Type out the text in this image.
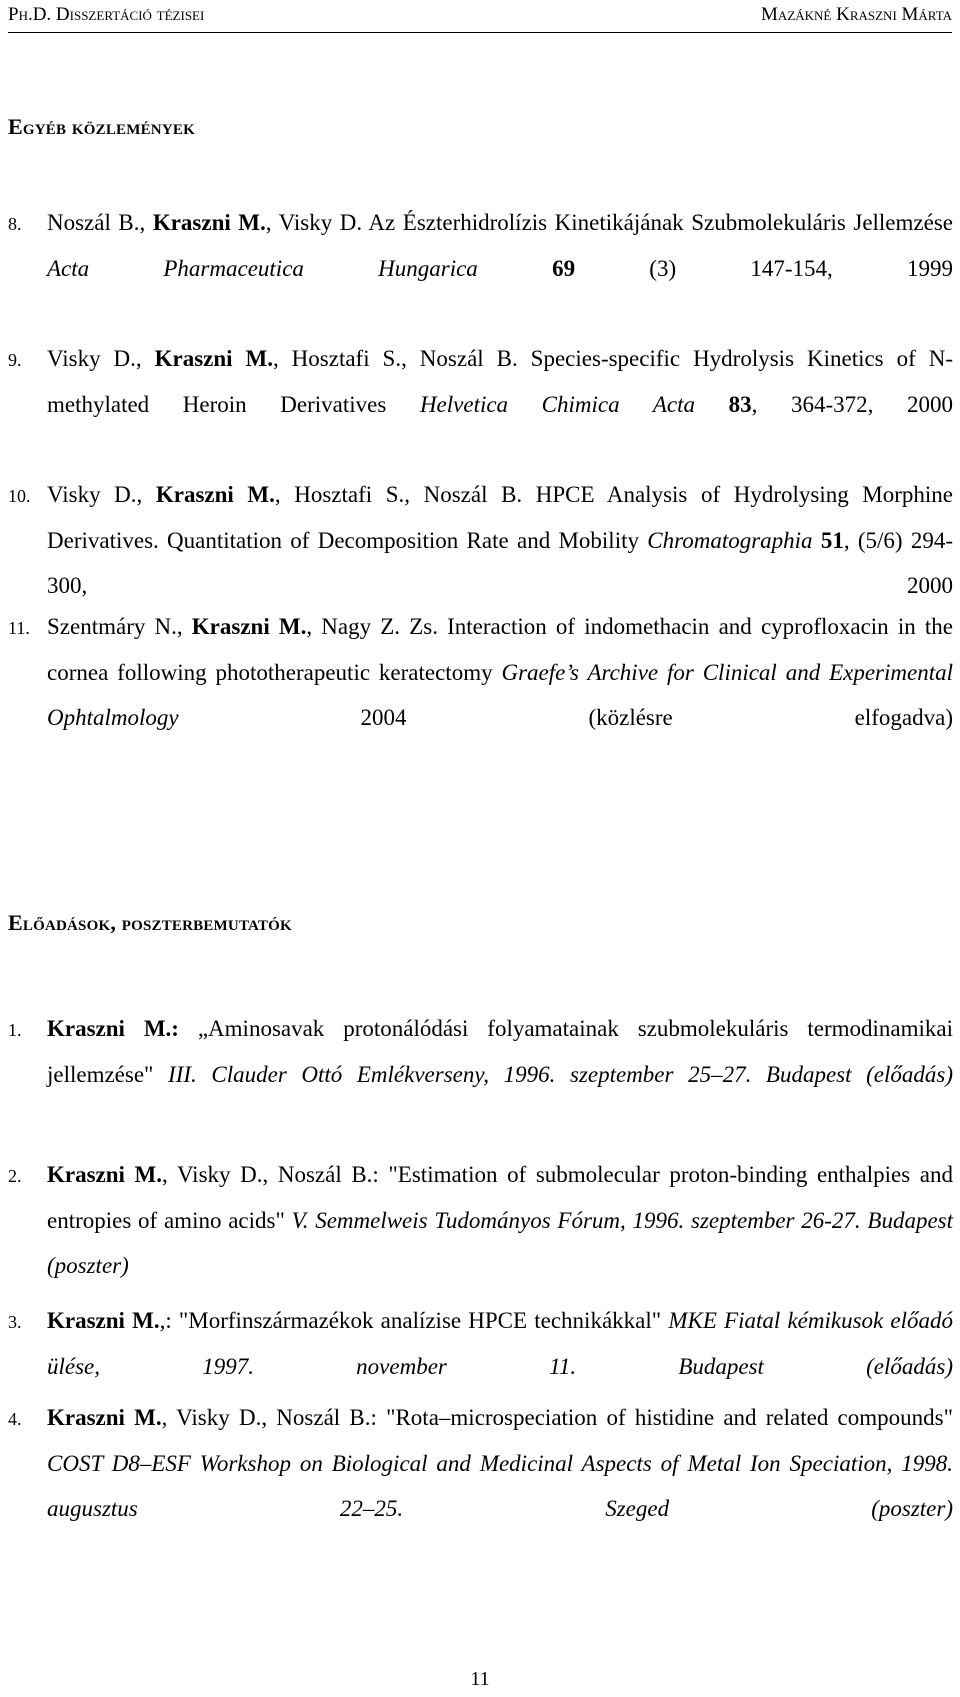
Ph.D. Disszertáció tézisei	Mazákné Kraszni Márta
Egyéb közlemények
8.	Noszál B., Kraszni M., Visky D. Az Észterhidrolízis Kinetikájának Szubmolekuláris Jellemzése Acta Pharmaceutica Hungarica	69 (3) 147-154, 1999
9.	Visky D., Kraszni M., Hosztafi S., Noszál B. Species-specific Hydrolysis Kinetics of N-methylated Heroin Derivatives Helvetica Chimica Acta 83, 364-372, 2000
10. Visky D., Kraszni M., Hosztafi S., Noszál B. HPCE Analysis of Hydrolysing Morphine Derivatives. Quantitation of Decomposition Rate and Mobility Chromatographia 51, (5/6) 294-300, 2000
11. Szentmáry N., Kraszni M., Nagy Z. Zs. Interaction of indomethacin and cyprofloxacin in the cornea following phototherapeutic keratectomy Graefe’s Archive for Clinical and Experimental Ophtalmology 2004 (közlésre elfogadva)
Előadások, poszterbemutatók
1.	Kraszni M.: „Aminosavak protonálódási folyamatainak szubmolekuláris termodinamikai jellemzése" III. Clauder Ottó Emlékverseny, 1996. szeptember 25–27. Budapest (előadás)
2.	Kraszni M., Visky D., Noszál B.: "Estimation of submolecular proton-binding enthalpies and entropies of amino acids" V. Semmelweis Tudományos Fórum, 1996. szeptember 26-27. Budapest (poszter)
3.	Kraszni M.,: "Morfinszármazékok analízise HPCE technikákkal" MKE Fiatal kémikusok előadó ülése, 1997. november 11. Budapest (előadás)
4.	Kraszni M., Visky D., Noszál B.: "Rota–microspeciation of histidine and related compounds" COST D8–ESF Workshop on Biological and Medicinal Aspects of Metal Ion Speciation, 1998. augusztus 22–25. Szeged (poszter)
11
